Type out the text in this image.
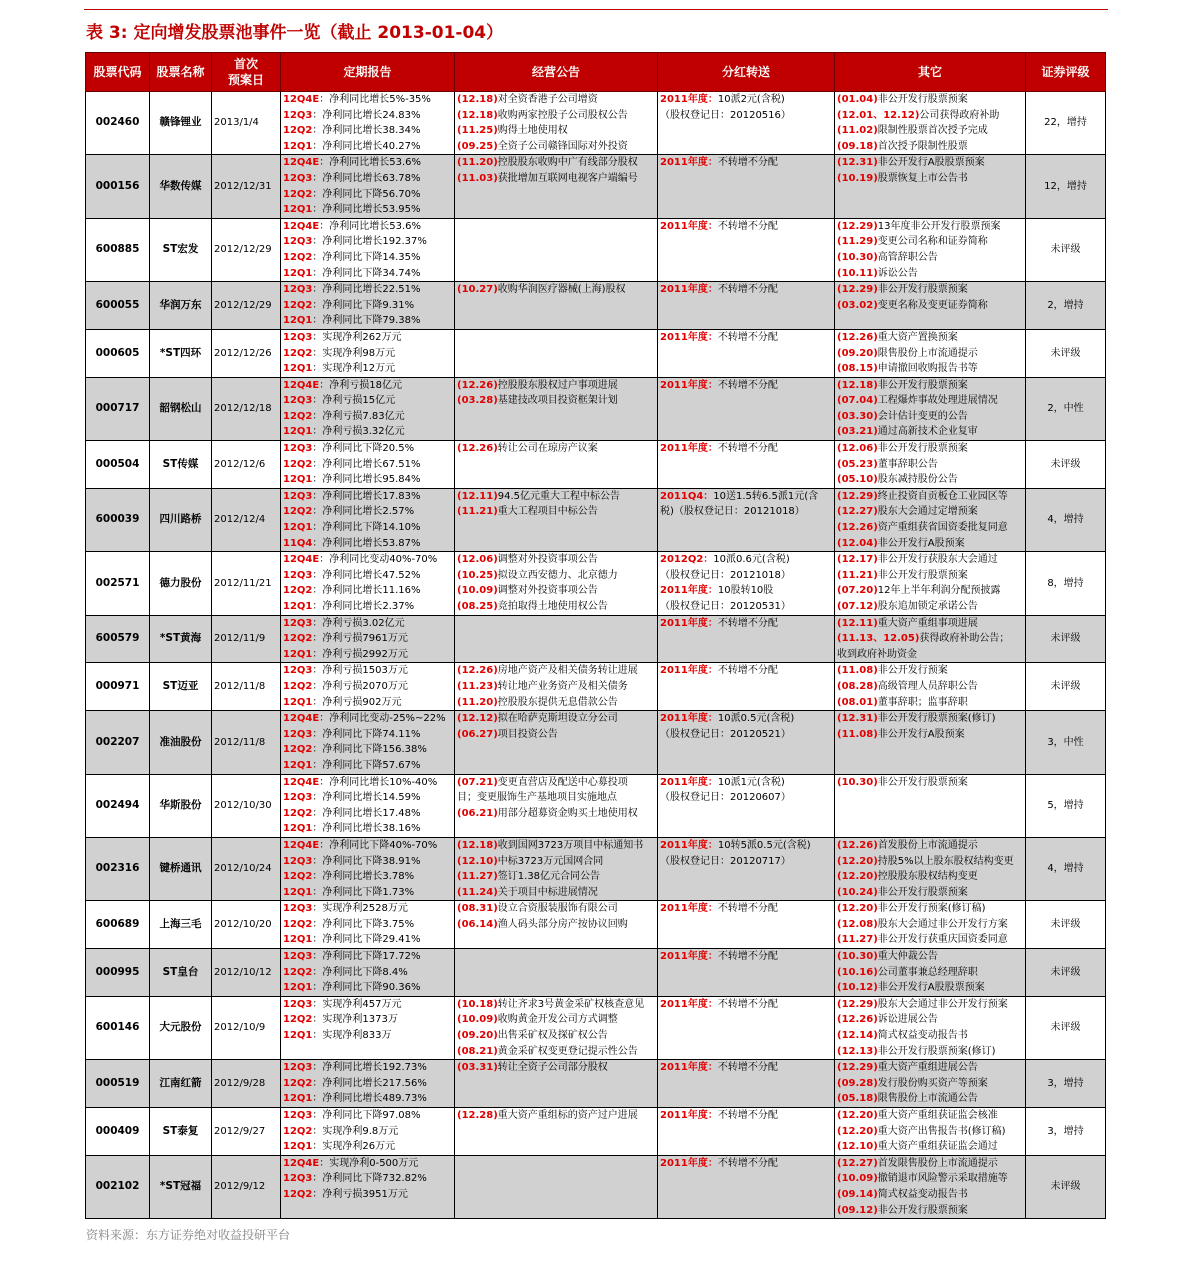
表 3: 定向增发股票池事件一览（截止 2013-01-04）
股票代码	股票名称	首次
预案日	定期报告	经营公告	分红转送	其它	证券评级
002460	赣锋锂业	2013/1/4	12Q4E：净利同比增长5%-35%
12Q3：净利同比增长24.83%
12Q2：净利同比增长38.34%
12Q1：净利同比增长40.27%	(12.18)对全资香港子公司增资
(12.18)收购两家控股子公司股权公告
(11.25)购得土地使用权
(09.25)全资子公司赣锋国际对外投资	2011年度：10派2元(含税)
（股权登记日：20120516）	(01.04)非公开发行股票预案
(12.01、12.12)公司获得政府补助
(11.02)限制性股票首次授予完成
(09.18)首次授予限制性股票	22，增持
000156	华数传媒	2012/12/31	12Q4E：净利同比增长53.6%
12Q3：净利同比增长63.78%
12Q2：净利同比下降56.70%
12Q1：净利同比增长53.95%	(11.20)控股股东收购中广有线部分股权
(11.03)获批增加互联网电视客户端编号	2011年度：不转增不分配	(12.31)非公开发行A股股票预案
(10.19)股票恢复上市公告书	12，增持
600885	ST宏发	2012/12/29	12Q4E：净利同比增长53.6%
12Q3：净利同比增长192.37%
12Q2：净利同比下降14.35%
12Q1：净利同比下降34.74%		2011年度：不转增不分配	(12.29)13年度非公开发行股票预案
(11.29)变更公司名称和证券简称
(10.30)高管辞职公告
(10.11)诉讼公告	未评级
600055	华润万东	2012/12/29	12Q3：净利同比增长22.51%
12Q2：净利同比下降9.31%
12Q1：净利同比下降79.38%	(10.27)收购华润医疗器械(上海)股权	2011年度：不转增不分配	(12.29)非公开发行股票预案
(03.02)变更名称及变更证券简称	2，增持
000605	*ST四环	2012/12/26	12Q3：实现净利262万元
12Q2：实现净利98万元
12Q1：实现净利12万元		2011年度：不转增不分配	(12.26)重大资产置换预案
(09.20)限售股份上市流通提示
(08.15)申请撤回收购报告书等	未评级
000717	韶钢松山	2012/12/18	12Q4E：净利亏损18亿元
12Q3：净利亏损15亿元
12Q2：净利亏损7.83亿元
12Q1：净利亏损3.32亿元	(12.26)控股股东股权过户事项进展
(03.28)基建技改项目投资框架计划	2011年度：不转增不分配	(12.18)非公开发行股票预案
(07.04)工程爆炸事故处理进展情况
(03.30)会计估计变更的公告
(03.21)通过高新技术企业复审	2，中性
000504	ST传媒	2012/12/6	12Q3：净利同比下降20.5%
12Q2：净利同比增长67.51%
12Q1：净利同比增长95.84%	(12.26)转让公司在琼房产议案	2011年度：不转增不分配	(12.06)非公开发行股票预案
(05.23)董事辞职公告
(05.10)股东减持股份公告	未评级
600039	四川路桥	2012/12/4	12Q3：净利同比增长17.83%
12Q2：净利同比增长2.57%
12Q1：净利同比下降14.10%
11Q4：净利同比增长53.87%	(12.11)94.5亿元重大工程中标公告
(11.21)重大工程项目中标公告	2011Q4：10送1.5转6.5派1元(含
税)（股权登记日：20121018）	(12.29)终止投资自贡板仓工业园区等
(12.27)股东大会通过定增预案
(12.26)资产重组获省国资委批复同意
(12.04)非公开发行A股预案	4，增持
002571	德力股份	2012/11/21	12Q4E：净利同比变动40%-70%
12Q3：净利同比增长47.52%
12Q2：净利同比增长11.16%
12Q1：净利同比增长2.37%	(12.06)调整对外投资事项公告
(10.25)拟设立西安德力、北京德力
(10.09)调整对外投资事项公告
(08.25)竞拍取得土地使用权公告	2012Q2：10派0.6元(含税)
（股权登记日：20121018）
2011年度：10股转10股
（股权登记日：20120531）	(12.17)非公开发行获股东大会通过
(11.21)非公开发行股票预案
(07.20)12年上半年利润分配预披露
(07.12)股东追加锁定承诺公告	8，增持
600579	*ST黄海	2012/11/9	12Q3：净利亏损3.02亿元
12Q2：净利亏损7961万元
12Q1：净利亏损2992万元		2011年度：不转增不分配	(12.11)重大资产重组事项进展
(11.13、12.05)获得政府补助公告；
收到政府补助资金	未评级
000971	ST迈亚	2012/11/8	12Q3：净利亏损1503万元
12Q2：净利亏损2070万元
12Q1：净利亏损902万元	(12.26)房地产资产及相关债务转让进展
(11.23)转让地产业务资产及相关债务
(11.20)控股股东提供无息借款公告	2011年度：不转增不分配	(11.08)非公开发行预案
(08.28)高级管理人员辞职公告
(08.01)董事辞职；监事辞职	未评级
002207	准油股份	2012/11/8	12Q4E：净利同比变动-25%~22%
12Q3：净利同比下降74.11%
12Q2：净利同比下降156.38%
12Q1：净利同比下降57.67%	(12.12)拟在哈萨克斯坦设立分公司
(06.27)项目投资公告	2011年度：10派0.5元(含税)
（股权登记日：20120521）	(12.31)非公开发行股票预案(修订)
(11.08)非公开发行A股预案	3，中性
002494	华斯股份	2012/10/30	12Q4E：净利同比增长10%-40%
12Q3：净利同比增长14.59%
12Q2：净利同比增长17.48%
12Q1：净利同比增长38.16%	(07.21)变更直营店及配送中心募投项
目；变更服饰生产基地项目实施地点
(06.21)用部分超募资金购买土地使用权	2011年度：10派1元(含税)
（股权登记日：20120607）	(10.30)非公开发行股票预案	5，增持
002316	键桥通讯	2012/10/24	12Q4E：净利同比下降40%-70%
12Q3：净利同比下降38.91%
12Q2：净利同比增长3.78%
12Q1：净利同比下降1.73%	(12.18)收到国网3723万项目中标通知书
(12.10)中标3723万元国网合同
(11.27)签订1.38亿元合同公告
(11.24)关于项目中标进展情况	2011年度：10转5派0.5元(含税)
（股权登记日：20120717）	(12.26)首发股份上市流通提示
(12.20)持股5%以上股东股权结构变更
(12.20)控股股东股权结构变更
(10.24)非公开发行股票预案	4，增持
600689	上海三毛	2012/10/20	12Q3：实现净利2528万元
12Q2：净利同比下降3.75%
12Q1：净利同比下降29.41%	(08.31)设立合资服装服饰有限公司
(06.14)渔人码头部分房产按协议回购	2011年度：不转增不分配	(12.20)非公开发行预案(修订稿)
(12.08)股东大会通过非公开发行方案
(11.27)非公开发行获重庆国资委同意	未评级
000995	ST皇台	2012/10/12	12Q3：净利同比下降17.72%
12Q2：净利同比下降8.4%
12Q1：净利同比下降90.36%		2011年度：不转增不分配	(10.30)重大仲裁公告
(10.16)公司董事兼总经理辞职
(10.12)非公开发行A股股票预案	未评级
600146	大元股份	2012/10/9	12Q3：实现净利457万元
12Q2：实现净利1373万
12Q1：实现净利833万	(10.18)转让齐求3号黄金采矿权核查意见
(10.09)收购黄金开发公司方式调整
(09.20)出售采矿权及探矿权公告
(08.21)黄金采矿权变更登记提示性公告	2011年度：不转增不分配	(12.29)股东大会通过非公开发行预案
(12.26)诉讼进展公告
(12.14)简式权益变动报告书
(12.13)非公开发行股票预案(修订)	未评级
000519	江南红箭	2012/9/28	12Q3：净利同比增长192.73%
12Q2：净利同比增长217.56%
12Q1：净利同比增长489.73%	(03.31)转让全资子公司部分股权	2011年度：不转增不分配	(12.29)重大资产重组进展公告
(09.28)发行股份购买资产等预案
(05.18)限售股份上市流通公告	3，增持
000409	ST泰复	2012/9/27	12Q3：净利同比下降97.08%
12Q2：实现净利9.8万元
12Q1：实现净利26万元	(12.28)重大资产重组标的资产过户进展	2011年度：不转增不分配	(12.20)重大资产重组获证监会核准
(12.20)重大资产出售报告书(修订稿)
(12.10)重大资产重组获证监会通过	3，增持
002102	*ST冠福	2012/9/12	12Q4E：实现净利0-500万元
12Q3：净利同比下降732.82%
12Q2：净利亏损3951万元		2011年度：不转增不分配	(12.27)首发限售股份上市流通提示
(10.09)撤销退市风险警示采取措施等
(09.14)简式权益变动报告书
(09.12)非公开发行股票预案	未评级
资料来源：东方证券绝对收益投研平台
